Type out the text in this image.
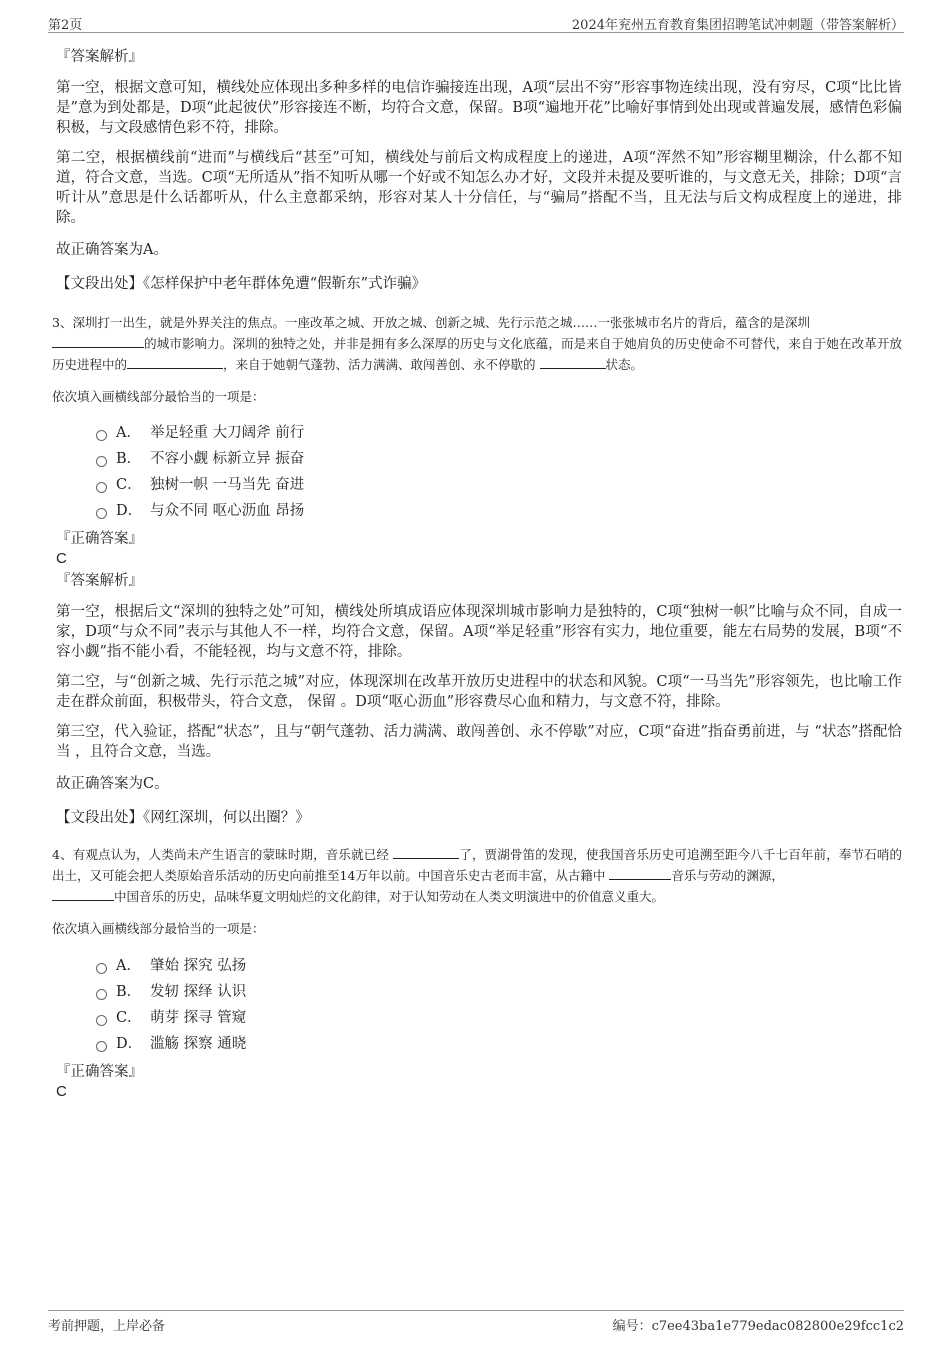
第2页	2024年兖州五育教育集团招聘笔试冲刺题（带答案解析）

『答案解析』

第一空，根据文意可知，横线处应体现出多种多样的电信诈骗接连出现，A项“层出不穷”形容事物连续出现，没有穷尽，C项“比比皆是”意为到处都是，D项“此起彼伏”形容接连不断，均符合文意，保留。B项“遍地开花”比喻好事情到处出现或普遍发展，感情色彩偏积极，与文段感情色彩不符，排除。

第二空，根据横线前“进而”与横线后“甚至”可知，横线处与前后文构成程度上的递进，A项“浑然不知”形容糊里糊涂，什么都不知道，符合文意，当选。C项“无所适从”指不知听从哪一个好或不知怎么办才好，文段并未提及要听谁的，与文意无关，排除；D项“言听计从”意思是什么话都听从，什么主意都采纳，形容对某人十分信任，与“骗局”搭配不当，且无法与后文构成程度上的递进，排除。

故正确答案为A。

【文段出处】《怎样保护中老年群体免遭“假靳东”式诈骗》

3、深圳打一出生，就是外界关注的焦点。一座改革之城、开放之城、创新之城、先行示范之城……一张张城市名片的背后，蕴含的是深圳
的城市影响力。深圳的独特之处，并非是拥有多么深厚的历史与文化底蕴，而是来自于她肩负的历史使命不可替代，来自于她在改革开放历史进程中的	，来自于她朝气蓬勃、活力满满、敢闯善创、永不停歇的	状态。

依次填入画横线部分最恰当的一项是：

A． 举足轻重 大刀阔斧 前行
B． 不容小觑 标新立异 振奋
C． 独树一帜 一马当先 奋进
D． 与众不同 呕心沥血 昂扬

『正确答案』

C

『答案解析』

第一空，根据后文“深圳的独特之处”可知，横线处所填成语应体现深圳城市影响力是独特的，C项“独树一帜”比喻与众不同，自成一家，D项“与众不同”表示与其他人不一样，均符合文意，保留。A项“举足轻重”形容有实力，地位重要，能左右局势的发展，B项“不容小觑”指不能小看，不能轻视，均与文意不符，排除。

第二空，与“创新之城、先行示范之城”对应，体现深圳在改革开放历史进程中的状态和风貌。C项“一马当先”形容领先，也比喻工作走在群众前面，积极带头，符合文意， 保留 。D项“呕心沥血”形容费尽心血和精力，与文意不符，排除。

第三空，代入验证，搭配“状态”，且与“朝气蓬勃、活力满满、敢闯善创、永不停歇”对应，C项“奋进”指奋勇前进，与 “状态”搭配恰当 ，且符合文意，当选。

故正确答案为C。

【文段出处】《网红深圳，何以出圈？》

4、有观点认为，人类尚未产生语言的蒙昧时期，音乐就已经	了，贾湖骨笛的发现，使我国音乐历史可追溯至距今八千七百年前，奉节石哨的出土，又可能会把人类原始音乐活动的历史向前推至14万年以前。中国音乐史古老而丰富，从古籍中	音乐与劳动的渊源，
中国音乐的历史，品味华夏文明灿烂的文化韵律，对于认知劳动在人类文明演进中的价值意义重大。

依次填入画横线部分最恰当的一项是：

A． 肇始 探究 弘扬
B． 发轫 探绎 认识
C． 萌芽 探寻 管窥
D． 滥觞 探察 通晓

『正确答案』

C

考前押题，上岸必备	编号：c7ee43ba1e779edac082800e29fcc1c2
